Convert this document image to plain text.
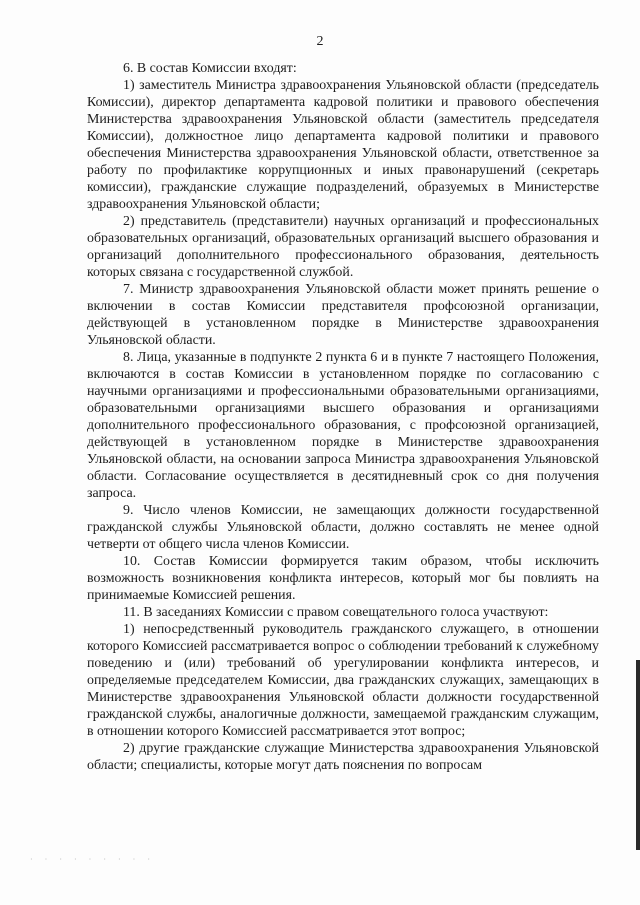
2

6. В состав Комиссии входят:

1) заместитель Министра здравоохранения Ульяновской области (председатель Комиссии), директор департамента кадровой политики и правового обеспечения Министерства здравоохранения Ульяновской области (заместитель председателя Комиссии), должностное лицо департамента кадровой политики и правового обеспечения Министерства здравоохранения Ульяновской области, ответственное за работу по профилактике коррупционных и иных правонарушений (секретарь комиссии), гражданские служащие подразделений, образуемых в Министерстве здравоохранения Ульяновской области;

2) представитель (представители) научных организаций и профессиональных образовательных организаций, образовательных организаций высшего образования и организаций дополнительного профессионального образования, деятельность которых связана с государственной службой.

7. Министр здравоохранения Ульяновской области может принять решение о включении в состав Комиссии представителя профсоюзной организации, действующей в установленном порядке в Министерстве здравоохранения Ульяновской области.

8. Лица, указанные в подпункте 2 пункта 6 и в пункте 7 настоящего Положения, включаются в состав Комиссии в установленном порядке по согласованию с научными организациями и профессиональными образовательными организациями, образовательными организациями высшего образования и организациями дополнительного профессионального образования, с профсоюзной организацией, действующей в установленном порядке в Министерстве здравоохранения Ульяновской области, на основании запроса Министра здравоохранения Ульяновской области. Согласование осуществляется в десятидневный срок со дня получения запроса.

9. Число членов Комиссии, не замещающих должности государственной гражданской службы Ульяновской области, должно составлять не менее одной четверти от общего числа членов Комиссии.

10. Состав Комиссии формируется таким образом, чтобы исключить возможность возникновения конфликта интересов, который мог бы повлиять на принимаемые Комиссией решения.

11. В заседаниях Комиссии с правом совещательного голоса участвуют:

1) непосредственный руководитель гражданского служащего, в отношении которого Комиссией рассматривается вопрос о соблюдении требований к служебному поведению и (или) требований об урегулировании конфликта интересов, и определяемые председателем Комиссии, два гражданских служащих, замещающих в Министерстве здравоохранения Ульяновской области должности государственной гражданской службы, аналогичные должности, замещаемой гражданским служащим, в отношении которого Комиссией рассматривается этот вопрос;

2) другие гражданские служащие Министерства здравоохранения Ульяновской области; специалисты, которые могут дать пояснения по вопросам

· · · · · · · · ·
